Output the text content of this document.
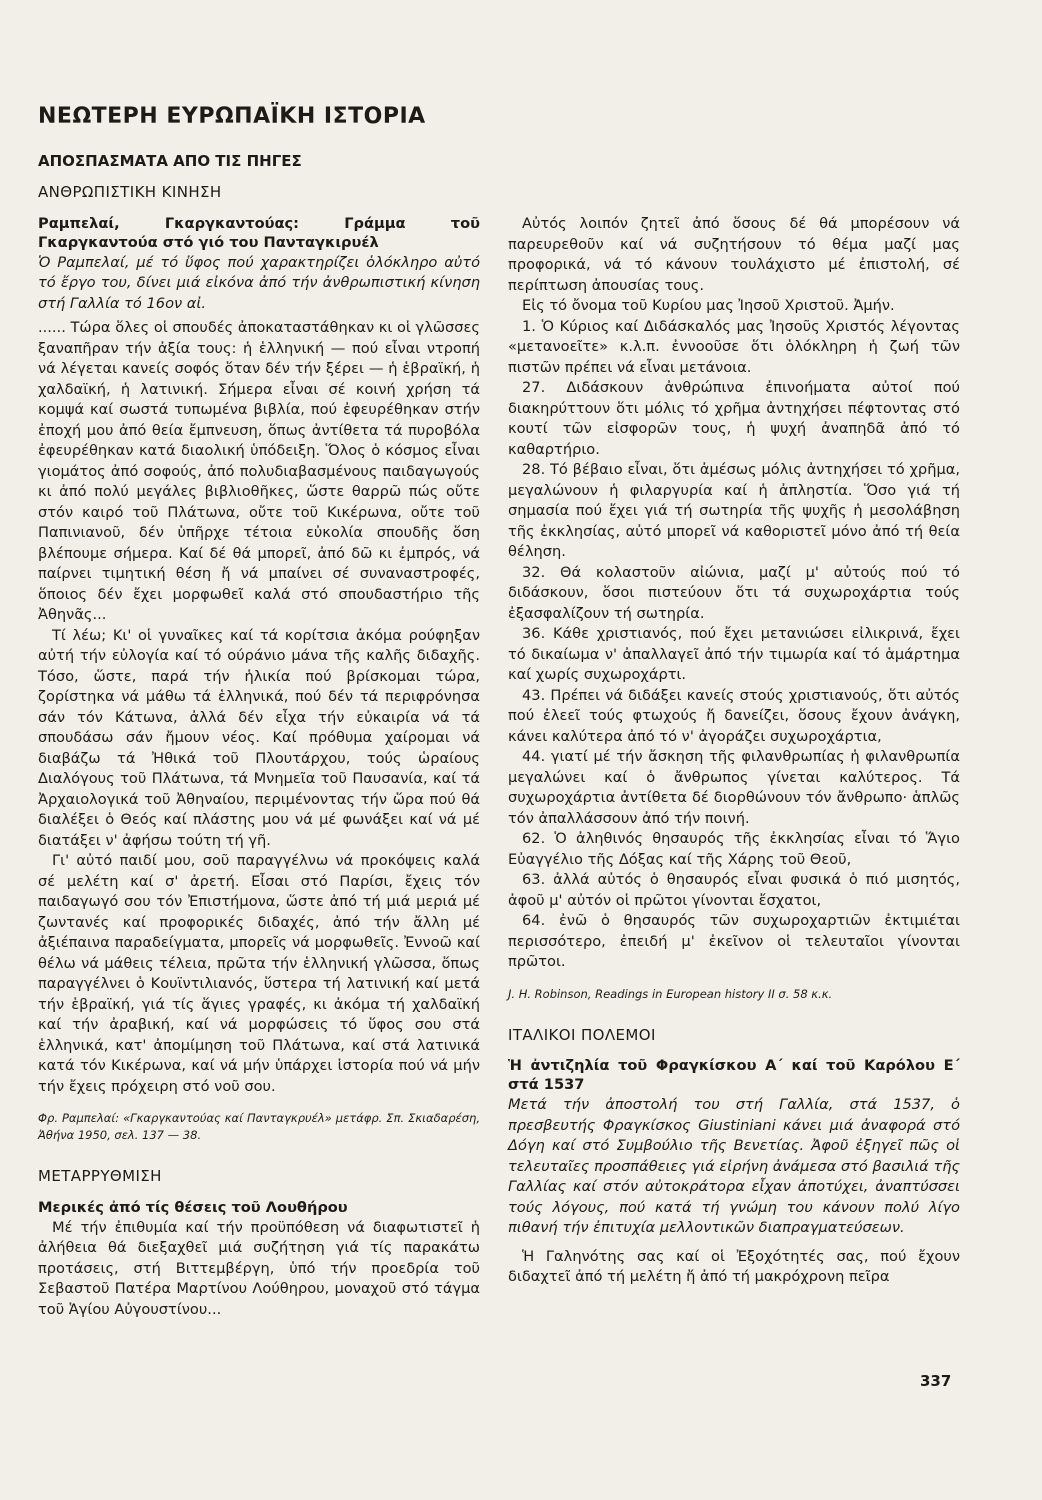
ΝΕΩΤΕΡΗ ΕΥΡΩΠΑΪΚΗ ΙΣΤΟΡΙΑ
ΑΠΟΣΠΑΣΜΑΤΑ ΑΠΟ ΤΙΣ ΠΗΓΕΣ
ΑΝΘΡΩΠΙΣΤΙΚΗ ΚΙΝΗΣΗ
Ραμπελαί, Γκαργκαντούας: Γράμμα τοῦ Γκαργκαντούα στό γιό του Πανταγκιρυέλ

Ὁ Ραμπελαί, μέ τό ὕφος πού χαρακτηρίζει ὁλόκληρο αὐτό τό ἔργο του, δίνει μιά εἰκόνα ἀπό τήν ἀνθρωπιστική κίνηση στή Γαλλία τό 16ον αἰ.

...... Τώρα ὅλες οἱ σπουδές ἀποκαταστάθηκαν κι οἱ γλῶσσες ξαναπῆραν τήν ἀξία τους: ἡ ἑλληνική — πού εἶναι ντροπή νά λέγεται κανείς σοφός ὅταν δέν τήν ξέρει — ἡ ἑβραϊκή, ἡ χαλδαϊκή, ἡ λατινική. Σήμερα εἶναι σέ κοινή χρήση τά κομψά καί σωστά τυπωμένα βιβλία, πού ἐφευρέθηκαν στήν ἐποχή μου ἀπό θεία ἔμπνευση, ὅπως ἀντίθετα τά πυροβόλα ἐφευρέθηκαν κατά διαολική ὑπόδειξη. Ὅλος ὁ κόσμος εἶναι γιομάτος ἀπό σοφούς, ἀπό πολυδιαβασμένους παιδαγωγούς κι ἀπό πολύ μεγάλες βιβλιοθῆκες, ὥστε θαρρῶ πώς οὔτε στόν καιρό τοῦ Πλάτωνα, οὔτε τοῦ Κικέρωνα, οὔτε τοῦ Παπινιανοῦ, δέν ὑπῆρχε τέτοια εὐκολία σπουδῆς ὅση βλέπουμε σήμερα. Καί δέ θά μπορεῖ, ἀπό δῶ κι ἐμπρός, νά παίρνει τιμητική θέση ἤ νά μπαίνει σέ συναναστροφές, ὅποιος δέν ἔχει μορφωθεῖ καλά στό σπουδαστήριο τῆς Ἀθηνᾶς...

Τί λέω; Κι' οἱ γυναῖκες καί τά κορίτσια ἀκόμα ρούφηξαν αὐτή τήν εὐλογία καί τό ούράνιο μάνα τῆς καλῆς διδαχῆς. Τόσο, ὥστε, παρά τήν ἡλικία πού βρίσκομαι τώρα, ζορίστηκα νά μάθω τά ἑλληνικά, πού δέν τά περιφρόνησα σάν τόν Κάτωνα, ἀλλά δέν εἶχα τήν εὐκαιρία νά τά σπουδάσω σάν ἤμουν νέος. Καί πρόθυμα χαίρομαι νά διαβάζω τά Ἠθικά τοῦ Πλουτάρχου, τούς ὡραίους Διαλόγους τοῦ Πλάτωνα, τά Μνημεῖα τοῦ Παυσανία, καί τά Ἀρχαιολογικά τοῦ Ἀθηναίου, περιμένοντας τήν ὥρα πού θά διαλέξει ὁ Θεός καί πλάστης μου νά μέ φωνάξει καί νά μέ διατάξει ν' ἀφήσω τούτη τή γῆ.

Γι' αὐτό παιδί μου, σοῦ παραγγέλνω νά προκόψεις καλά σέ μελέτη καί σ' ἀρετή. Εἶσαι στό Παρίσι, ἔχεις τόν παιδαγωγό σου τόν Ἐπιστήμονα, ὥστε ἀπό τή μιά μεριά μέ ζωντανές καί προφορικές διδαχές, ἀπό τήν ἄλλη μέ ἀξιέπαινα παραδείγματα, μπορεῖς νά μορφωθεῖς. Ἐννοῶ καί θέλω νά μάθεις τέλεια, πρῶτα τήν ἑλληνική γλῶσσα, ὅπως παραγγέλνει ὁ Κουϊντιλιανός, ὕστερα τή λατινική καί μετά τήν ἑβραϊκή, γιά τίς ἅγιες γραφές, κι ἀκόμα τή χαλδαϊκή καί τήν ἀραβική, καί νά μορφώσεις τό ὕφος σου στά ἑλληνικά, κατ' ἀπομίμηση τοῦ Πλάτωνα, καί στά λατινικά κατά τόν Κικέρωνα, καί νά μήν ὑπάρχει ἱστορία πού νά μήν τήν ἔχεις πρόχειρη στό νοῦ σου.

Φρ. Ραμπελαί: «Γκαργκαντούας καί Πανταγκρυέλ» μετάφρ. Σπ. Σκιαδαρέση, Ἀθήνα 1950, σελ. 137 — 38.

ΜΕΤΑΡΡΥΘΜΙΣΗ
Μερικές ἀπό τίς θέσεις τοῦ Λουθήρου

Μέ τήν ἐπιθυμία καί τήν προϋπόθεση νά διαφωτιστεῖ ἡ ἀλήθεια θά διεξαχθεῖ μιά συζήτηση γιά τίς παρακάτω προτάσεις, στή Βιττεμβέργη, ὑπό τήν προεδρία τοῦ Σεβαστοῦ Πατέρα Μαρτίνου Λούθηρου, μοναχοῦ στό τάγμα τοῦ Ἁγίου Αὐγουστίνου...

Αὐτός λοιπόν ζητεῖ ἀπό ὅσους δέ θά μπορέσουν νά παρευρεθοῦν καί νά συζητήσουν τό θέμα μαζί μας προφορικά, νά τό κάνουν τουλάχιστο μέ ἐπιστολή, σέ περίπτωση ἀπουσίας τους.

Εἰς τό ὄνομα τοῦ Κυρίου μας Ἰησοῦ Χριστοῦ. Ἀμήν.

1. Ὁ Κύριος καί Διδάσκαλός μας Ἰησοῦς Χριστός λέγοντας «μετανοεῖτε» κ.λ.π. ἐννοοῦσε ὅτι ὁλόκληρη ἡ ζωή τῶν πιστῶν πρέπει νά εἶναι μετάνοια.

27. Διδάσκουν ἀνθρώπινα ἐπινοήματα αὐτοί πού διακηρύττουν ὅτι μόλις τό χρῆμα ἀντηχήσει πέφτοντας στό κουτί τῶν εἰσφορῶν τους, ἡ ψυχή ἀναπηδᾶ ἀπό τό καθαρτήριο.

28. Τό βέβαιο εἶναι, ὅτι ἀμέσως μόλις ἀντηχήσει τό χρῆμα, μεγαλώνουν ἡ φιλαργυρία καί ἡ ἀπληστία. Ὅσο γιά τή σημασία πού ἔχει γιά τή σωτηρία τῆς ψυχῆς ἡ μεσολάβηση τῆς ἐκκλησίας, αὐτό μπορεῖ νά καθοριστεῖ μόνο ἀπό τή θεία θέληση.

32. Θά κολαστοῦν αἰώνια, μαζί μ' αὐτούς πού τό διδάσκουν, ὅσοι πιστεύουν ὅτι τά συχωροχάρτια τούς ἐξασφαλίζουν τή σωτηρία.

36. Κάθε χριστιανός, πού ἔχει μετανιώσει εἰλικρινά, ἔχει τό δικαίωμα ν' ἀπαλλαγεῖ ἀπό τήν τιμωρία καί τό ἁμάρτημα καί χωρίς συχωροχάρτι.

43. Πρέπει νά διδάξει κανείς στούς χριστιανούς, ὅτι αὐτός πού ἐλεεῖ τούς φτωχούς ἤ δανείζει, ὅσους ἔχουν ἀνάγκη, κάνει καλύτερα ἀπό τό ν' ἀγοράζει συχωροχάρτια,

44. γιατί μέ τήν ἄσκηση τῆς φιλανθρωπίας ἡ φιλανθρωπία μεγαλώνει καί ὁ ἄνθρωπος γίνεται καλύτερος. Τά συχωροχάρτια ἀντίθετα δέ διορθώνουν τόν ἄνθρωπο· ἁπλῶς τόν ἀπαλλάσσουν ἀπό τήν ποινή.

62. Ὁ ἀληθινός θησαυρός τῆς ἐκκλησίας εἶναι τό Ἅγιο Εὐαγγέλιο τῆς Δόξας καί τῆς Χάρης τοῦ Θεοῦ,

63. ἀλλά αὐτός ὁ θησαυρός εἶναι φυσικά ὁ πιό μισητός, ἀφοῦ μ' αὐτόν οἱ πρῶτοι γίνονται ἔσχατοι,

64. ἐνῶ ὁ θησαυρός τῶν συχωροχαρτιῶν ἐκτιμιέται περισσότερο, ἐπειδή μ' ἐκεῖνον οἱ τελευταῖοι γίνονται πρῶτοι.

J. H. Robinson, Readings in European history II σ. 58 κ.κ.

ΙΤΑΛΙΚΟΙ ΠΟΛΕΜΟΙ
Ἡ ἀντιζηλία τοῦ Φραγκίσκου Α΄ καί τοῦ Καρόλου Ε΄ στά 1537

Μετά τήν ἀποστολή του στή Γαλλία, στά 1537, ὁ πρεσβευτής Φραγκίσκος Giustiniani κάνει μιά ἀναφορά στό Δόγη καί στό Συμβούλιο τῆς Βενετίας. Ἀφοῦ ἐξηγεῖ πῶς οἱ τελευταῖες προσπάθειες γιά εἰρήνη ἀνάμεσα στό βασιλιά τῆς Γαλλίας καί στόν αὐτοκράτορα εἶχαν ἀποτύχει, ἀναπτύσσει τούς λόγους, πού κατά τή γνώμη του κάνουν πολύ λίγο πιθανή τήν ἐπιτυχία μελλοντικῶν διαπραγματεύσεων.

Ἡ Γαληνότης σας καί οἱ Ἐξοχότητές σας, πού ἔχουν διδαχτεῖ ἀπό τή μελέτη ἤ ἀπό τή μακρόχρονη πεῖρα

337
